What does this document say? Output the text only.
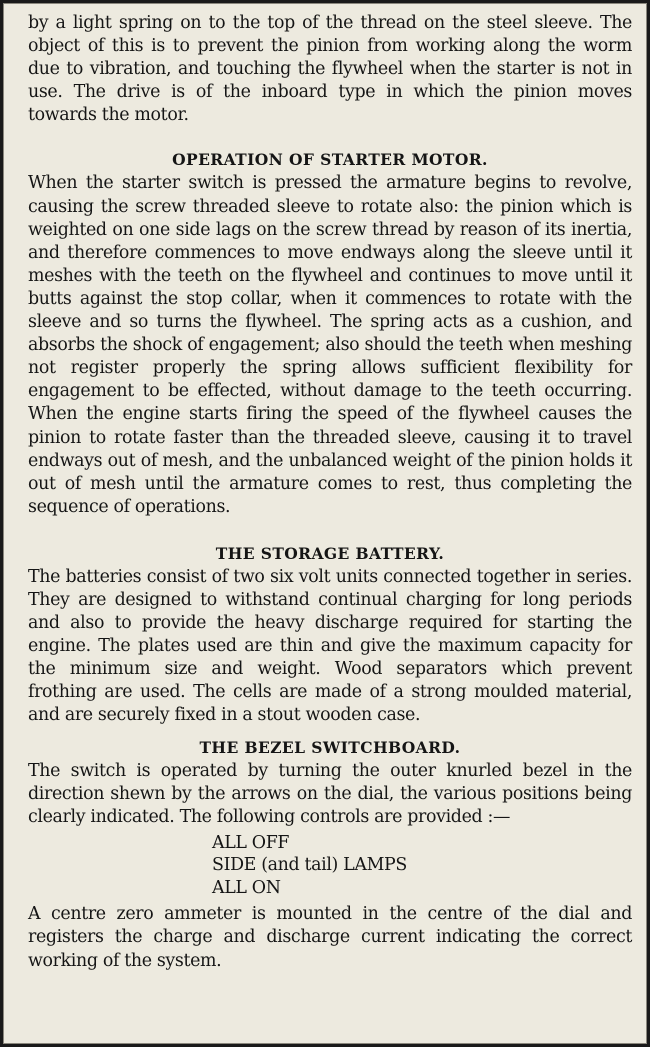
by a light spring on to the top of the thread on the steel sleeve. The object of this is to prevent the pinion from working along the worm due to vibration, and touching the flywheel when the starter is not in use. The drive is of the inboard type in which the pinion moves towards the motor.

OPERATION OF STARTER MOTOR.

When the starter switch is pressed the armature begins to revolve, causing the screw threaded sleeve to rotate also: the pinion which is weighted on one side lags on the screw thread by reason of its inertia, and therefore commences to move endways along the sleeve until it meshes with the teeth on the flywheel and continues to move until it butts against the stop collar, when it commences to rotate with the sleeve and so turns the flywheel. The spring acts as a cushion, and absorbs the shock of engagement; also should the teeth when meshing not register properly the spring allows sufficient flexibility for engagement to be effected, without damage to the teeth occurring. When the engine starts firing the speed of the flywheel causes the pinion to rotate faster than the threaded sleeve, causing it to travel endways out of mesh, and the unbalanced weight of the pinion holds it out of mesh until the armature comes to rest, thus completing the sequence of operations.

THE STORAGE BATTERY.

The batteries consist of two six volt units connected together in series. They are designed to withstand continual charging for long periods and also to provide the heavy discharge required for starting the engine. The plates used are thin and give the maximum capacity for the minimum size and weight. Wood separators which prevent frothing are used. The cells are made of a strong moulded material, and are securely fixed in a stout wooden case.

THE BEZEL SWITCHBOARD.

The switch is operated by turning the outer knurled bezel in the direction shewn by the arrows on the dial, the various positions being clearly indicated. The following controls are provided :—

ALL OFF
SIDE (and tail) LAMPS
ALL ON

A centre zero ammeter is mounted in the centre of the dial and registers the charge and discharge current indicating the correct working of the system.
